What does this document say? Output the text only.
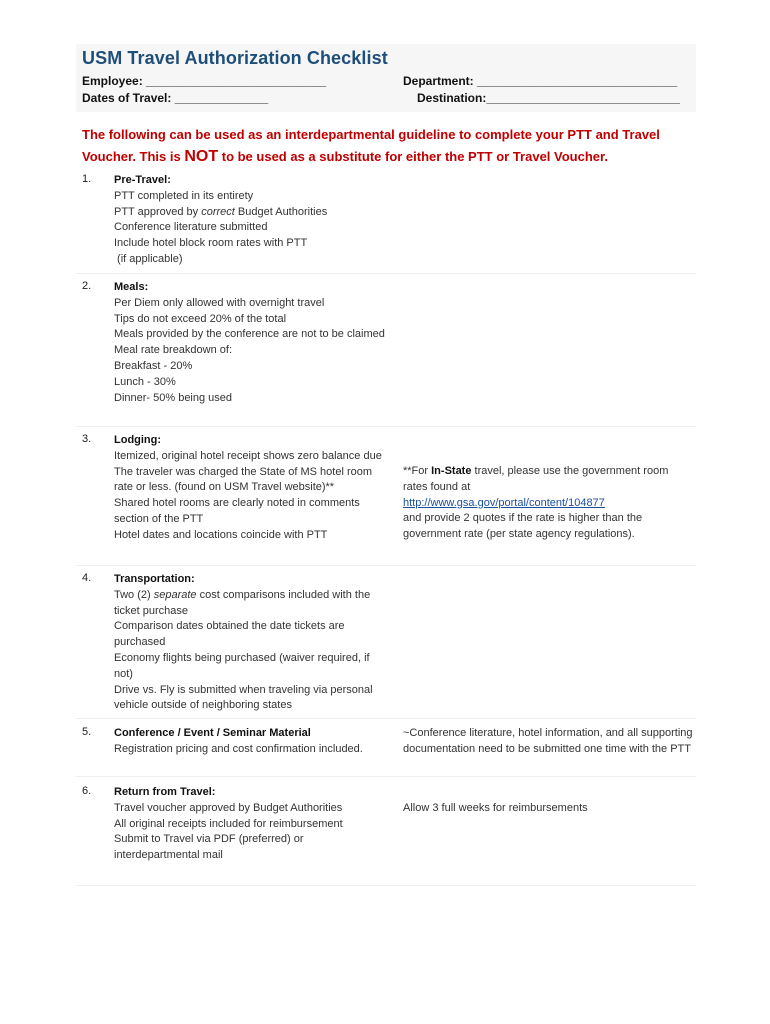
USM Travel Authorization Checklist
Employee: ___________________________
Dates of Travel: ______________
Department: ______________________________
Destination:_____________________________
The following can be used as an interdepartmental guideline to complete your PTT and Travel Voucher. This is NOT to be used as a substitute for either the PTT or Travel Voucher.
1. Pre-Travel:
PTT completed in its entirety
PTT approved by correct Budget Authorities
Conference literature submitted
Include hotel block room rates with PTT
(if applicable)
2. Meals:
Per Diem only allowed with overnight travel
Tips do not exceed 20% of the total
Meals provided by the conference are not to be claimed
Meal rate breakdown of:
Breakfast - 20%
Lunch - 30%
Dinner- 50% being used
3. Lodging:
Itemized, original hotel receipt shows zero balance due
The traveler was charged the State of MS hotel room rate or less. (found on USM Travel website)**
Shared hotel rooms are clearly noted in comments section of the PTT
Hotel dates and locations coincide with PTT
**For In-State travel, please use the government room rates found at
http://www.gsa.gov/portal/content/104877
and provide 2 quotes if the rate is higher than the government rate (per state agency regulations).
4. Transportation:
Two (2) separate cost comparisons included with the ticket purchase
Comparison dates obtained the date tickets are purchased
Economy flights being purchased (waiver required, if not)
Drive vs. Fly is submitted when traveling via personal vehicle outside of neighboring states
5. Conference / Event / Seminar Material
Registration pricing and cost confirmation included.
~Conference literature, hotel information, and all supporting documentation need to be submitted one time with the PTT
6. Return from Travel:
Travel voucher approved by Budget Authorities
All original receipts included for reimbursement
Submit to Travel via PDF (preferred) or interdepartmental mail
Allow 3 full weeks for reimbursements
